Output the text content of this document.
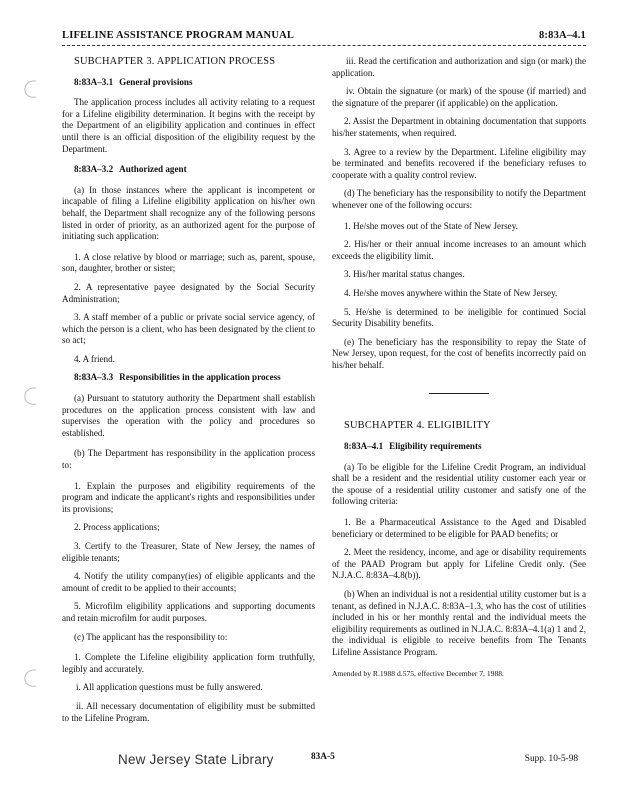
LIFELINE ASSISTANCE PROGRAM MANUAL	8:83A–4.1

SUBCHAPTER 3. APPLICATION PROCESS

8:83A–3.1 General provisions

The application process includes all activity relating to a request for a Lifeline eligibility determination. It begins with the receipt by the Department of an eligibility application and continues in effect until there is an official disposition of the eligibility request by the Department.

8:83A–3.2 Authorized agent

(a) In those instances where the applicant is incompetent or incapable of filing a Lifeline eligibility application on his/her own behalf, the Department shall recognize any of the following persons listed in order of priority, as an authorized agent for the purpose of initiating such application:

1. A close relative by blood or marriage; such as, parent, spouse, son, daughter, brother or sister;

2. A representative payee designated by the Social Security Administration;

3. A staff member of a public or private social service agency, of which the person is a client, who has been designated by the client to so act;

4. A friend.

8:83A–3.3 Responsibilities in the application process

(a) Pursuant to statutory authority the Department shall establish procedures on the application process consistent with law and supervises the operation with the policy and procedures so established.

(b) The Department has responsibility in the application process to:

1. Explain the purposes and eligibility requirements of the program and indicate the applicant's rights and responsibilities under its provisions;

2. Process applications;

3. Certify to the Treasurer, State of New Jersey, the names of eligible tenants;

4. Notify the utility company(ies) of eligible applicants and the amount of credit to be applied to their accounts;

5. Microfilm eligibility applications and supporting documents and retain microfilm for audit purposes.

(c) The applicant has the responsibility to:

1. Complete the Lifeline eligibility application form truthfully, legibly and accurately.

i. All application questions must be fully answered.

ii. All necessary documentation of eligibility must be submitted to the Lifeline Program.

iii. Read the certification and authorization and sign (or mark) the application.

iv. Obtain the signature (or mark) of the spouse (if married) and the signature of the preparer (if applicable) on the application.

2. Assist the Department in obtaining documentation that supports his/her statements, when required.

3. Agree to a review by the Department. Lifeline eligibility may be terminated and benefits recovered if the beneficiary refuses to cooperate with a quality control review.

(d) The beneficiary has the responsibility to notify the Department whenever one of the following occurs:

1. He/she moves out of the State of New Jersey.

2. His/her or their annual income increases to an amount which exceeds the eligibility limit.

3. His/her marital status changes.

4. He/she moves anywhere within the State of New Jersey.

5. He/she is determined to be ineligible for continued Social Security Disability benefits.

(e) The beneficiary has the responsibility to repay the State of New Jersey, upon request, for the cost of benefits incorrectly paid on his/her behalf.

SUBCHAPTER 4. ELIGIBILITY

8:83A–4.1 Eligibility requirements

(a) To be eligible for the Lifeline Credit Program, an individual shall be a resident and the residential utility customer each year or the spouse of a residential utility customer and satisfy one of the following criteria:

1. Be a Pharmaceutical Assistance to the Aged and Disabled beneficiary or determined to be eligible for PAAD benefits; or

2. Meet the residency, income, and age or disability requirements of the PAAD Program but apply for Lifeline Credit only. (See N.J.A.C. 8:83A–4.8(b)).

(b) When an individual is not a residential utility customer but is a tenant, as defined in N.J.A.C. 8:83A–1.3, who has the cost of utilities included in his or her monthly rental and the individual meets the eligibility requirements as outlined in N.J.A.C. 8:83A–4.1(a) 1 and 2, the individual is eligible to receive benefits from The Tenants Lifeline Assistance Program.

Amended by R.1988 d.575, effective December 7, 1988.

New Jersey State Library	83A-5	Supp. 10-5-98
